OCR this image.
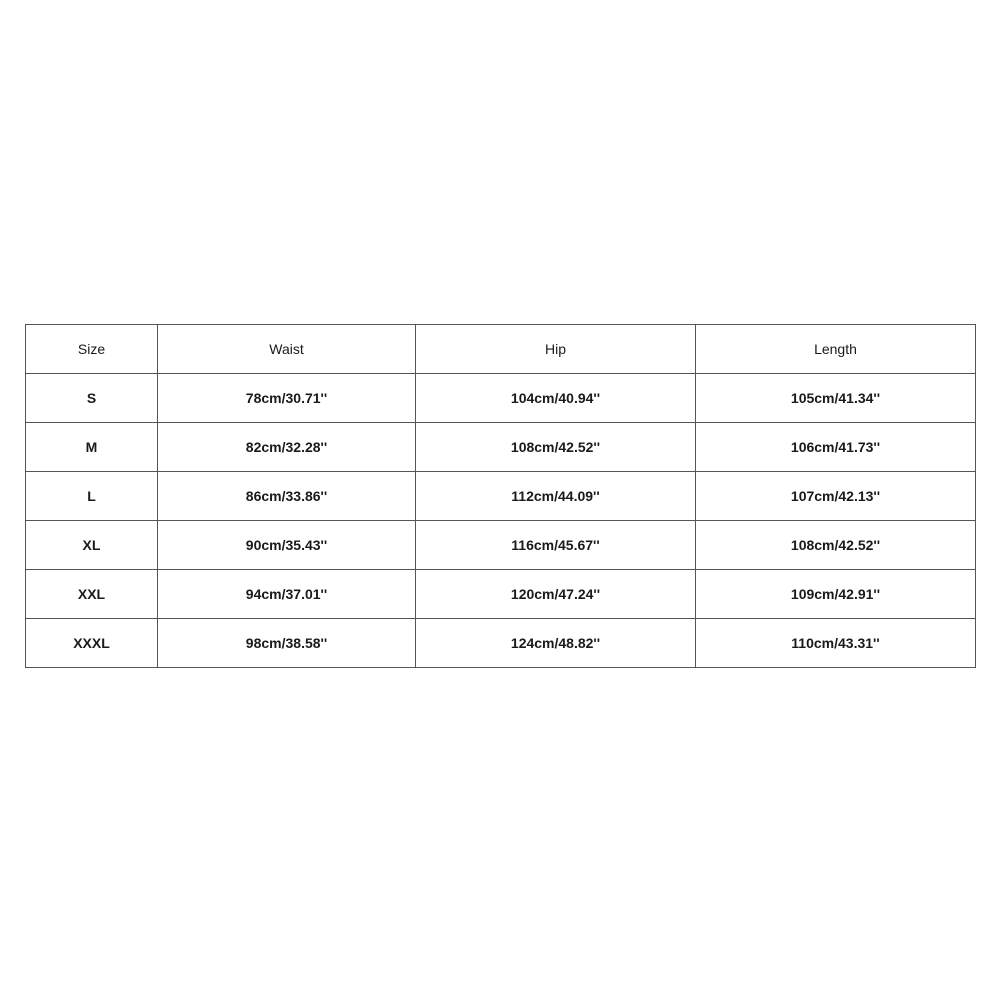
Size	Waist	Hip	Length
S	78cm/30.71''	104cm/40.94''	105cm/41.34''
M	82cm/32.28''	108cm/42.52''	106cm/41.73''
L	86cm/33.86''	112cm/44.09''	107cm/42.13''
XL	90cm/35.43''	116cm/45.67''	108cm/42.52''
XXL	94cm/37.01''	120cm/47.24''	109cm/42.91''
XXXL	98cm/38.58''	124cm/48.82''	110cm/43.31''
